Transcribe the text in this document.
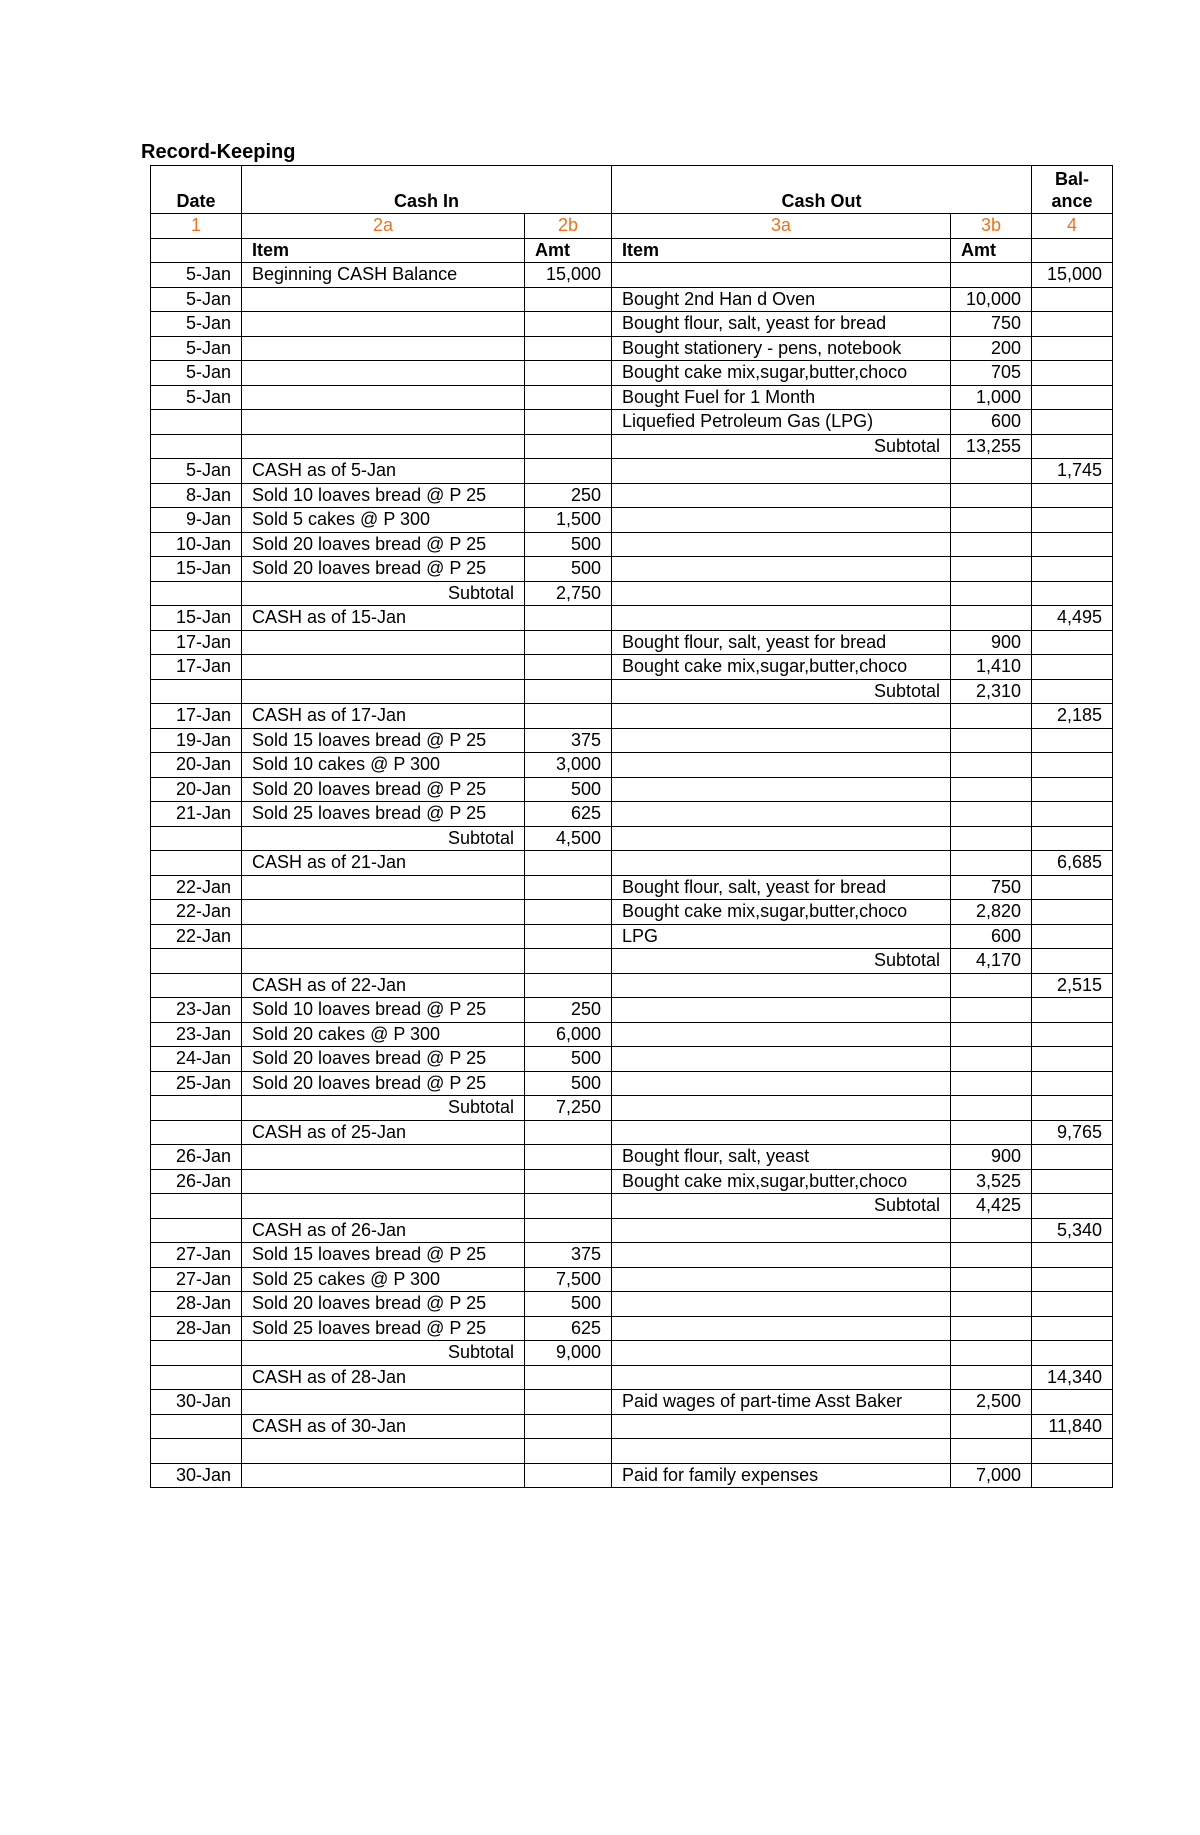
Record-Keeping
Date	Cash In		Cash Out		Bal-
ance
1	2a	2b	3a	3b	4
	Item	Amt	Item	Amt	
5-Jan	Beginning CASH Balance	15,000			15,000
5-Jan			Bought 2nd Han d Oven	10,000	
5-Jan			Bought flour, salt, yeast for bread	750	
5-Jan			Bought stationery - pens, notebook	200	
5-Jan			Bought cake mix,sugar,butter,choco	705	
5-Jan			Bought Fuel for 1 Month	1,000	
			Liquefied Petroleum Gas (LPG)	600	
			Subtotal	13,255	
5-Jan	CASH as of 5-Jan				1,745
8-Jan	Sold 10 loaves bread @ P 25	250			
9-Jan	Sold 5 cakes @ P 300	1,500			
10-Jan	Sold 20 loaves bread @ P 25	500			
15-Jan	Sold 20 loaves bread @ P 25	500			
	Subtotal	2,750			
15-Jan	CASH as of 15-Jan				4,495
17-Jan			Bought flour, salt, yeast for bread	900	
17-Jan			Bought cake mix,sugar,butter,choco	1,410	
			Subtotal	2,310	
17-Jan	CASH as of 17-Jan				2,185
19-Jan	Sold 15 loaves bread @ P 25	375			
20-Jan	Sold 10 cakes @ P 300	3,000			
20-Jan	Sold 20 loaves bread @ P 25	500			
21-Jan	Sold 25 loaves bread @ P 25	625			
	Subtotal	4,500			
	CASH as of 21-Jan				6,685
22-Jan			Bought flour, salt, yeast for bread	750	
22-Jan			Bought cake mix,sugar,butter,choco	2,820	
22-Jan			LPG	600	
			Subtotal	4,170	
	CASH as of 22-Jan				2,515
23-Jan	Sold 10 loaves bread @ P 25	250			
23-Jan	Sold 20 cakes @ P 300	6,000			
24-Jan	Sold 20 loaves bread @ P 25	500			
25-Jan	Sold 20 loaves bread @ P 25	500			
	Subtotal	7,250			
	CASH as of 25-Jan				9,765
26-Jan			Bought flour, salt, yeast	900	
26-Jan			Bought cake mix,sugar,butter,choco	3,525	
			Subtotal	4,425	
	CASH as of 26-Jan				5,340
27-Jan	Sold 15 loaves bread @ P 25	375			
27-Jan	Sold 25 cakes @ P 300	7,500			
28-Jan	Sold 20 loaves bread @ P 25	500			
28-Jan	Sold 25 loaves bread @ P 25	625			
	Subtotal	9,000			
	CASH as of 28-Jan				14,340
30-Jan			Paid wages of part-time Asst Baker	2,500	
	CASH as of 30-Jan				11,840

30-Jan			Paid for family expenses	7,000	
